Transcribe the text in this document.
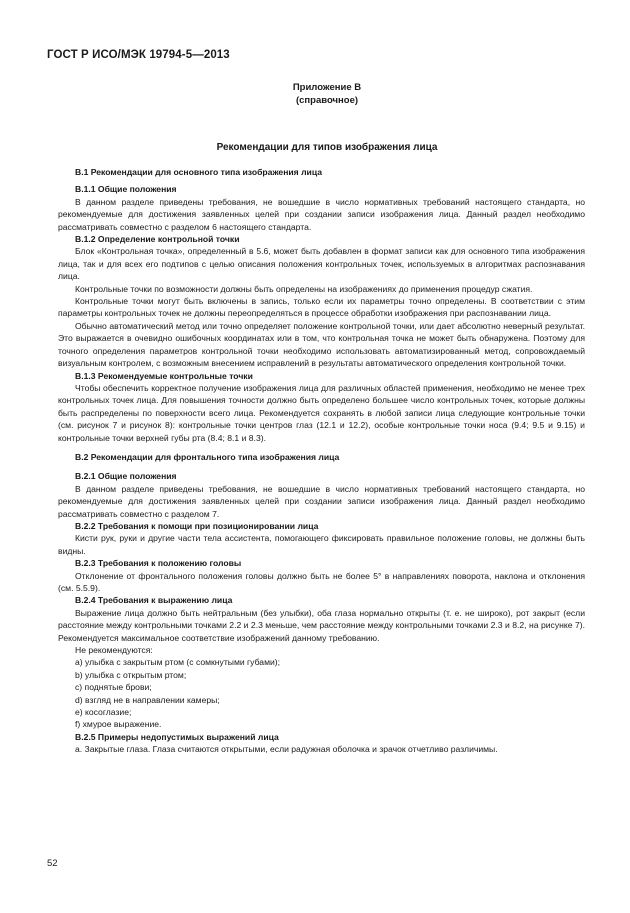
ГОСТ Р ИСО/МЭК 19794-5—2013
Приложение B
(справочное)
Рекомендации для типов изображения лица
B.1 Рекомендации для основного типа изображения лица
B.1.1 Общие положения

В данном разделе приведены требования, не вошедшие в число нормативных требований настоящего стандарта, но рекомендуемые для достижения заявленных целей при создании записи изображения лица. Данный раздел необходимо рассматривать совместно с разделом 6 настоящего стандарта.

B.1.2 Определение контрольной точки

Блок «Контрольная точка», определенный в 5.6, может быть добавлен в формат записи как для основного типа изображения лица, так и для всех его подтипов с целью описания положения контрольных точек, используемых в алгоритмах распознавания лица.

Контрольные точки по возможности должны быть определены на изображениях до применения процедур сжатия.

Контрольные точки могут быть включены в запись, только если их параметры точно определены. В соответствии с этим параметры контрольных точек не должны переопределяться в процессе обработки изображения при распознавании лица.

Обычно автоматический метод или точно определяет положение контрольной точки, или дает абсолютно неверный результат. Это выражается в очевидно ошибочных координатах или в том, что контрольная точка не может быть обнаружена. Поэтому для точного определения параметров контрольной точки необходимо использовать автоматизированный метод, сопровождаемый визуальным контролем, с возможным внесением исправлений в результаты автоматического определения контрольной точки.

B.1.3 Рекомендуемые контрольные точки

Чтобы обеспечить корректное получение изображения лица для различных областей применения, необходимо не менее трех контрольных точек лица. Для повышения точности должно быть определено большее число контрольных точек, которые должны быть распределены по поверхности всего лица. Рекомендуется сохранять в любой записи лица следующие контрольные точки (см. рисунок 7 и рисунок 8): контрольные точки центров глаз (12.1 и 12.2), особые контрольные точки носа (9.4; 9.5 и 9.15) и контрольные точки верхней губы рта (8.4; 8.1 и 8.3).

B.2 Рекомендации для фронтального типа изображения лица
B.2.1 Общие положения

В данном разделе приведены требования, не вошедшие в число нормативных требований настоящего стандарта, но рекомендуемые для достижения заявленных целей при создании записи изображения лица. Данный раздел необходимо рассматривать совместно с разделом 7.

B.2.2 Требования к помощи при позиционировании лица

Кисти рук, руки и другие части тела ассистента, помогающего фиксировать правильное положение головы, не должны быть видны.

B.2.3 Требования к положению головы

Отклонение от фронтального положения головы должно быть не более 5° в направлениях поворота, наклона и отклонения (см. 5.5.9).

B.2.4 Требования к выражению лица

Выражение лица должно быть нейтральным (без улыбки), оба глаза нормально открыты (т. е. не широко), рот закрыт (если расстояние между контрольными точками 2.2 и 2.3 меньше, чем расстояние между контрольными точками 2.3 и 8.2, на рисунке 7). Рекомендуется максимальное соответствие изображений данному требованию.

Не рекомендуются:

a) улыбка с закрытым ртом (с сомкнутыми губами);
b) улыбка с открытым ртом;
c) поднятые брови;
d) взгляд не в направлении камеры;
e) косоглазие;
f) хмурое выражение.
B.2.5 Примеры недопустимых выражений лица

a. Закрытые глаза. Глаза считаются открытыми, если радужная оболочка и зрачок отчетливо различимы.

52
